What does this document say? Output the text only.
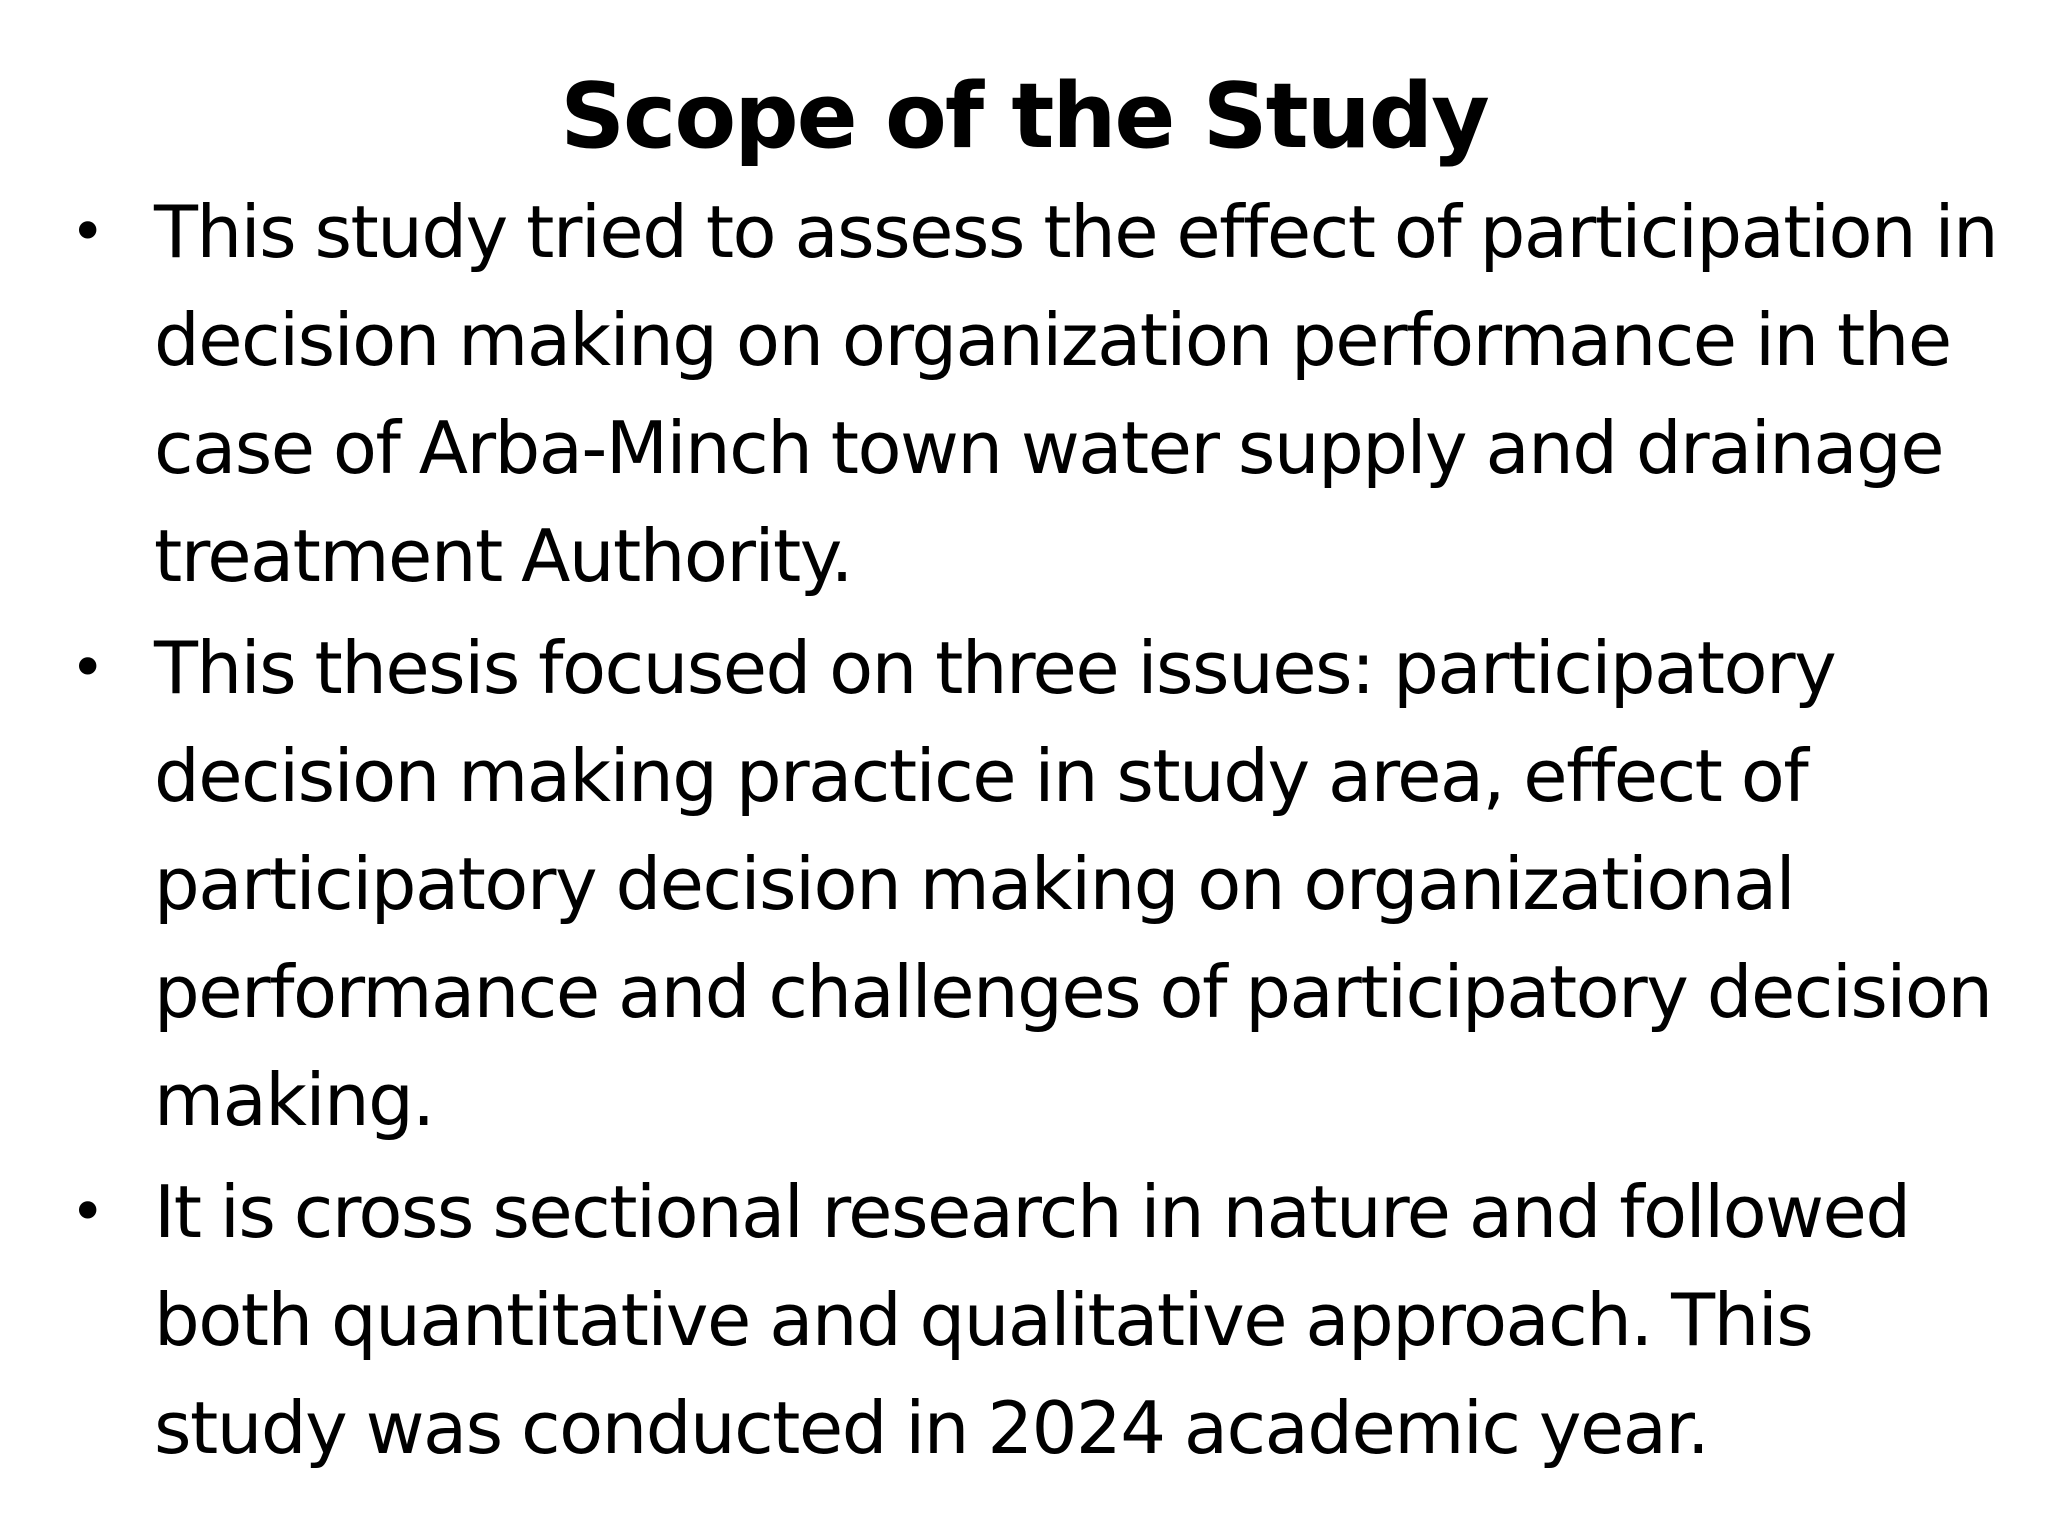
Scope of the Study
• This study tried to assess the effect of participation in decision making on organization performance in the case of Arba-Minch town water supply and drainage treatment Authority.
• This thesis focused on three issues: participatory decision making practice in study area, effect of participatory decision making on organizational performance and challenges of participatory decision making.
• It is cross sectional research in nature and followed both quantitative and qualitative approach. This study was conducted in 2024 academic year.
